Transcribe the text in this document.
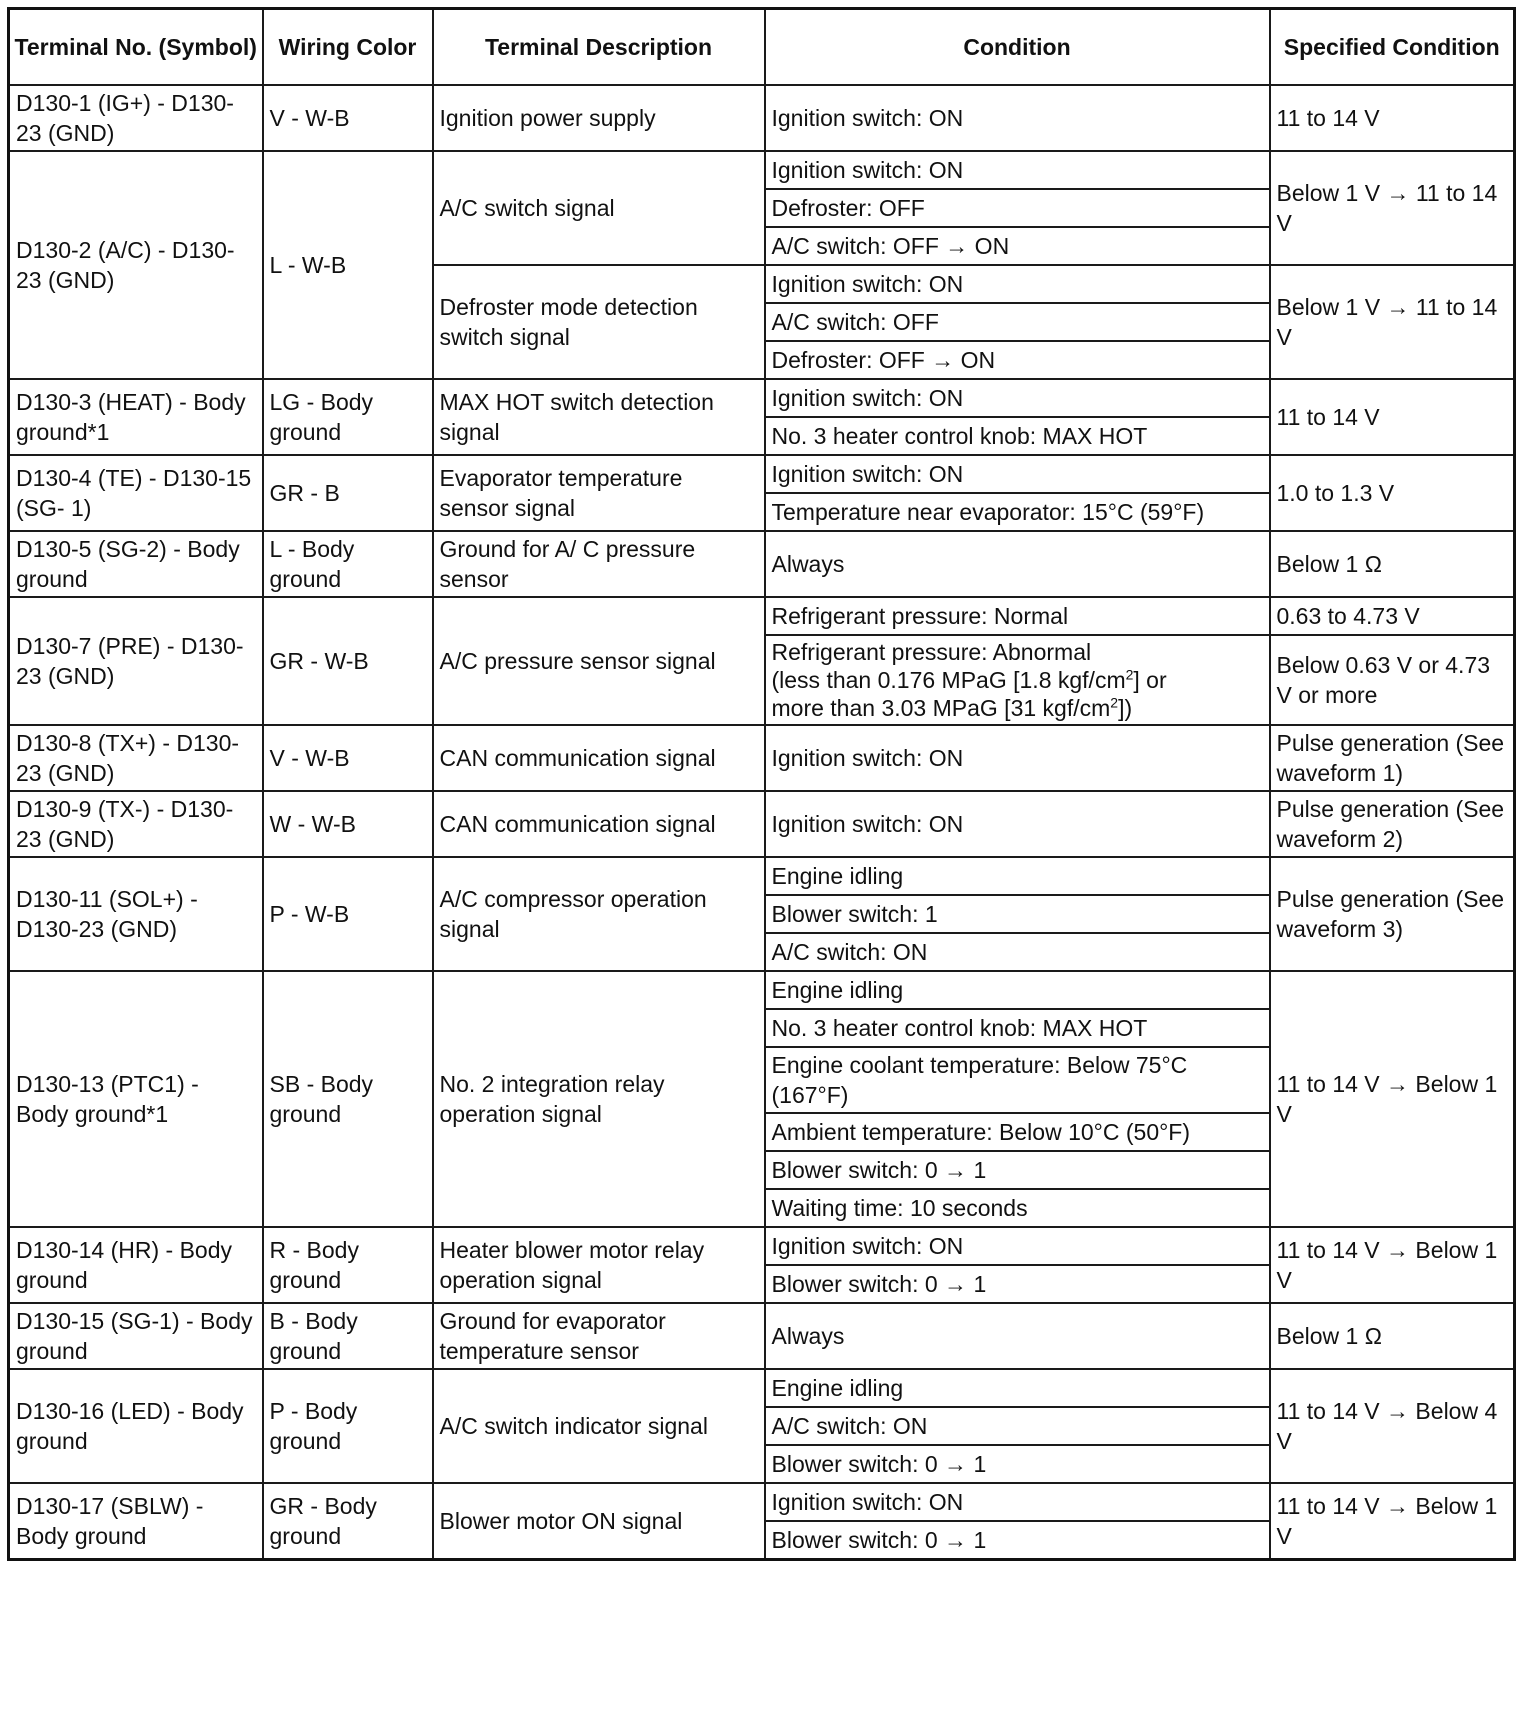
Terminal No. (Symbol)	Wiring Color	Terminal Description	Condition	Specified Condition
D130-1 (IG+) - D130-23 (GND)	V - W-B	Ignition power supply	Ignition switch: ON	11 to 14 V
D130-2 (A/C) - D130-23 (GND)	L - W-B	A/C switch signal	Ignition switch: ON	Below 1 V → 11 to 14 V
			Defroster: OFF	
			A/C switch: OFF → ON	
		Defroster mode detection switch signal	Ignition switch: ON	Below 1 V → 11 to 14 V
			A/C switch: OFF	
			Defroster: OFF → ON	
D130-3 (HEAT) - Body ground*1	LG - Body ground	MAX HOT switch detection signal	Ignition switch: ON	11 to 14 V
			No. 3 heater control knob: MAX HOT	
D130-4 (TE) - D130-15 (SG- 1)	GR - B	Evaporator temperature sensor signal	Ignition switch: ON	1.0 to 1.3 V
			Temperature near evaporator: 15°C (59°F)	
D130-5 (SG-2) - Body ground	L - Body ground	Ground for A/ C pressure sensor	Always	Below 1 Ω
D130-7 (PRE) - D130-23 (GND)	GR - W-B	A/C pressure sensor signal	Refrigerant pressure: Normal	0.63 to 4.73 V
			Refrigerant pressure: Abnormal
(less than 0.176 MPaG [1.8 kgf/$cm^2$] or
more than 3.03 MPaG [31 kgf/$cm^2$])	Below 0.63 V or 4.73 V or more
D130-8 (TX+) - D130-23 (GND)	V - W-B	CAN communication signal	Ignition switch: ON	Pulse generation (See waveform 1)
D130-9 (TX-) - D130-23 (GND)	W - W-B	CAN communication signal	Ignition switch: ON	Pulse generation (See waveform 2)
D130-11 (SOL+) - D130-23 (GND)	P - W-B	A/C compressor operation signal	Engine idling	Pulse generation (See waveform 3)
			Blower switch: 1	
			A/C switch: ON	
D130-13 (PTC1) - Body ground*1	SB - Body ground	No. 2 integration relay operation signal	Engine idling	11 to 14 V → Below 1 V
			No. 3 heater control knob: MAX HOT	
			Engine coolant temperature: Below 75°C (167°F)	
			Ambient temperature: Below 10°C (50°F)	
			Blower switch: 0 → 1	
			Waiting time: 10 seconds	
D130-14 (HR) - Body ground	R - Body ground	Heater blower motor relay operation signal	Ignition switch: ON	11 to 14 V → Below 1 V
			Blower switch: 0 → 1	
D130-15 (SG-1) - Body ground	B - Body ground	Ground for evaporator temperature sensor	Always	Below 1 Ω
D130-16 (LED) - Body ground	P - Body ground	A/C switch indicator signal	Engine idling	11 to 14 V → Below 4 V
			A/C switch: ON	
			Blower switch: 0 → 1	
D130-17 (SBLW) - Body ground	GR - Body ground	Blower motor ON signal	Ignition switch: ON	11 to 14 V → Below 1 V
			Blower switch: 0 → 1	
